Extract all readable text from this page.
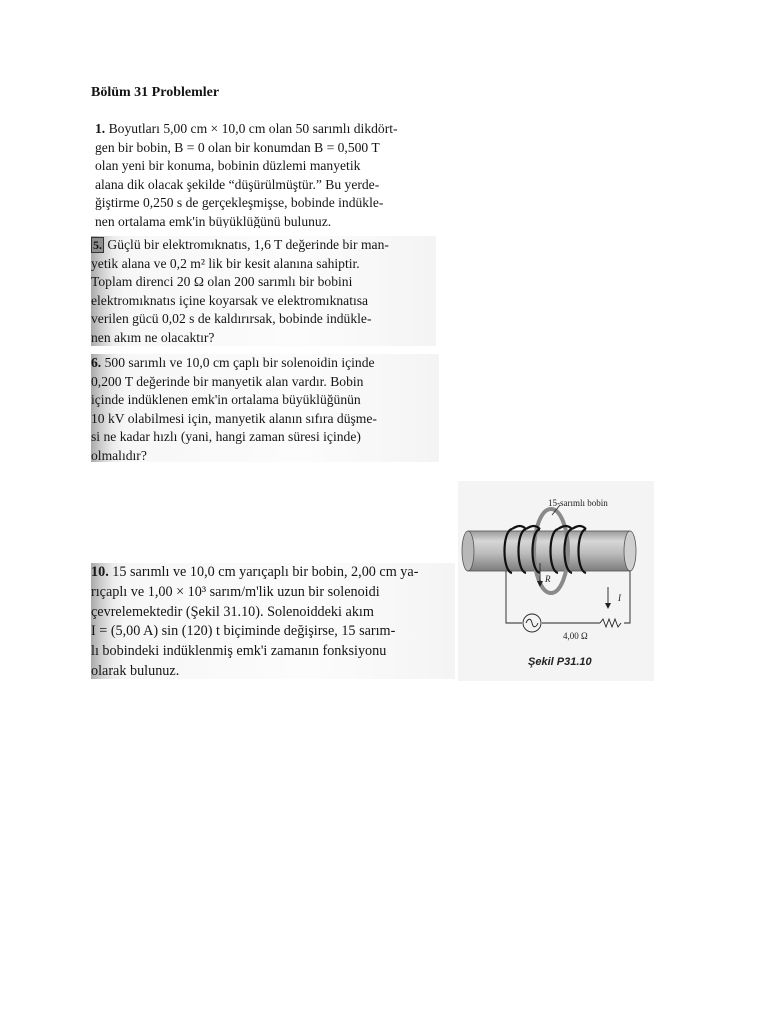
Bölüm 31 Problemler
1. Boyutları 5,00 cm × 10,0 cm olan 50 sarımlı dikdört-
gen bir bobin, B = 0 olan bir konumdan B = 0,500 T
olan yeni bir konuma, bobinin düzlemi manyetik
alana dik olacak şekilde “düşürülmüştür.” Bu yerde-
ğiştirme 0,250 s de gerçekleşmişse, bobinde indükle-
nen ortalama emk'in büyüklüğünü bulunuz.
5. Güçlü bir elektromıknatıs, 1,6 T değerinde bir man-
yetik alana ve 0,2 m² lik bir kesit alanına sahiptir.
Toplam direnci 20 Ω olan 200 sarımlı bir bobini
elektromıknatıs içine koyarsak ve elektromıknatısa
verilen gücü 0,02 s de kaldırırsak, bobinde indükle-
nen akım ne olacaktır?
6. 500 sarımlı ve 10,0 cm çaplı bir solenoidin içinde
0,200 T değerinde bir manyetik alan vardır. Bobin
içinde indüklenen emk'in ortalama büyüklüğünün
10 kV olabilmesi için, manyetik alanın sıfıra düşme-
si ne kadar hızlı (yani, hangi zaman süresi içinde)
olmalıdır?
10. 15 sarımlı ve 10,0 cm yarıçaplı bir bobin, 2,00 cm ya-
rıçaplı ve 1,00 × 10³ sarım/m'lik uzun bir solenoidi
çevrelemektedir (Şekil 31.10). Solenoiddeki akım
I = (5,00 A) sin (120) t biçiminde değişirse, 15 sarım-
lı bobindeki indüklenmiş emk'i zamanın fonksiyonu
olarak bulunuz.
15-sarımlı bobin
R
I
4,00 Ω
Şekil P31.10
